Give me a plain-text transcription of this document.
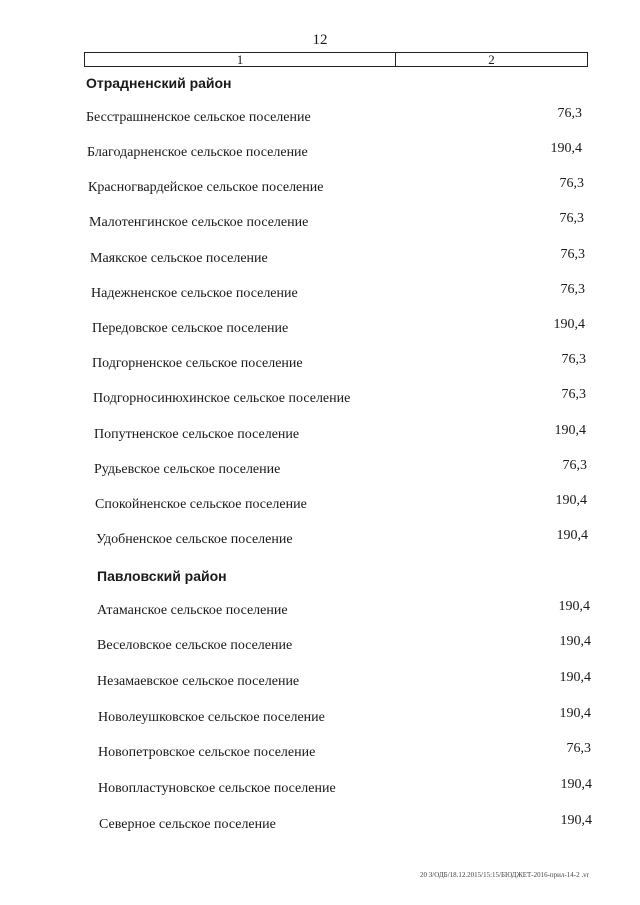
12
1	2
Отрадненский район
Бесстрашненское сельское поселение	76,3
Благодарненское сельское поселение	190,4
Красногвардейское сельское поселение	76,3
Малотенгинское сельское поселение	76,3
Маякское сельское поселение	76,3
Надежненское сельское поселение	76,3
Передовское сельское поселение	190,4
Подгорненское сельское поселение	76,3
Подгорносинюхинское сельское поселение	76,3
Попутненское сельское поселение	190,4
Рудьевское сельское поселение	76,3
Спокойненское сельское поселение	190,4
Удобненское сельское поселение	190,4
Павловский район
Атаманское сельское поселение	190,4
Веселовское сельское поселение	190,4
Незамаевское сельское поселение	190,4
Новолеушковское сельское поселение	190,4
Новопетровское сельское поселение	76,3
Новопластуновское сельское поселение	190,4
Северное сельское поселение	190,4
20 З/ОДБ/18.12.2015/15:15/БЮДЖЕТ-2016-прил-14-2 .vr
